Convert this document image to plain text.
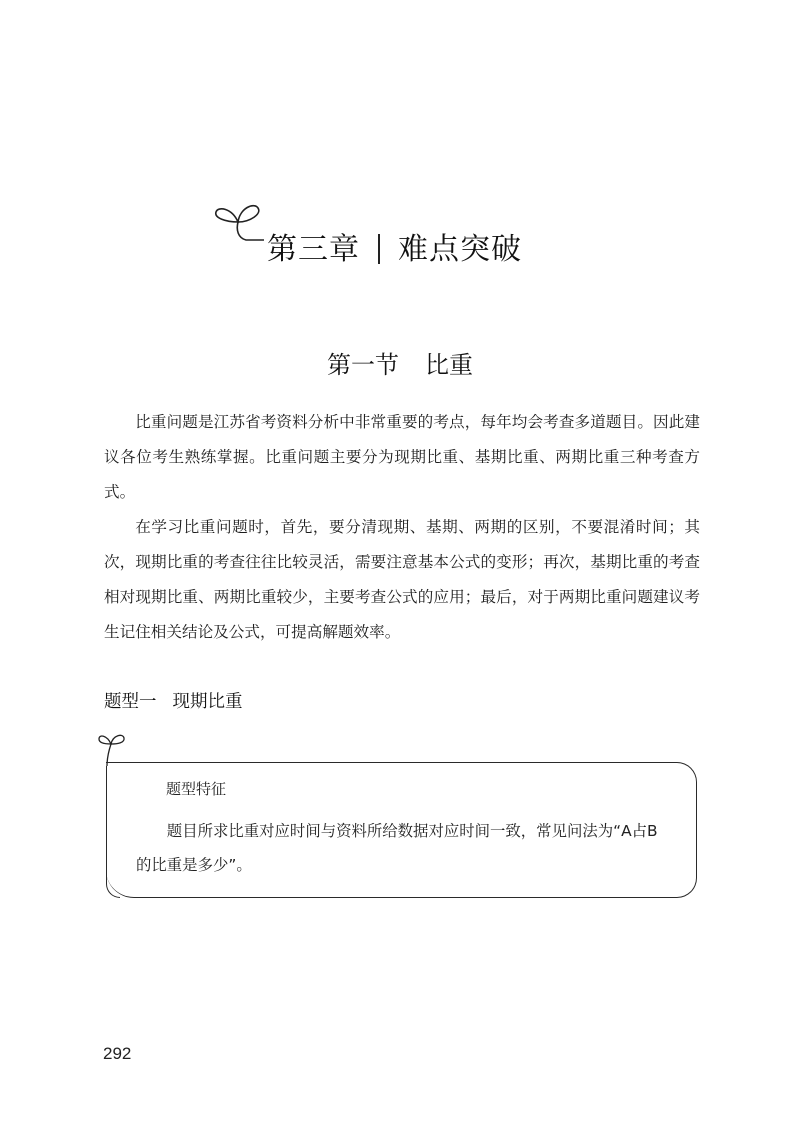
第三章 难点突破
第一节 比重

比重问题是江苏省考资料分析中非常重要的考点，每年均会考查多道题目。因此建议各位考生熟练掌握。比重问题主要分为现期比重、基期比重、两期比重三种考查方式。

在学习比重问题时，首先，要分清现期、基期、两期的区别，不要混淆时间；其次，现期比重的考查往往比较灵活，需要注意基本公式的变形；再次，基期比重的考查相对现期比重、两期比重较少，主要考查公式的应用；最后，对于两期比重问题建议考生记住相关结论及公式，可提高解题效率。

题型一 现期比重
题型特征

题目所求比重对应时间与资料所给数据对应时间一致，常见问法为“A占B的比重是多少”。

292
